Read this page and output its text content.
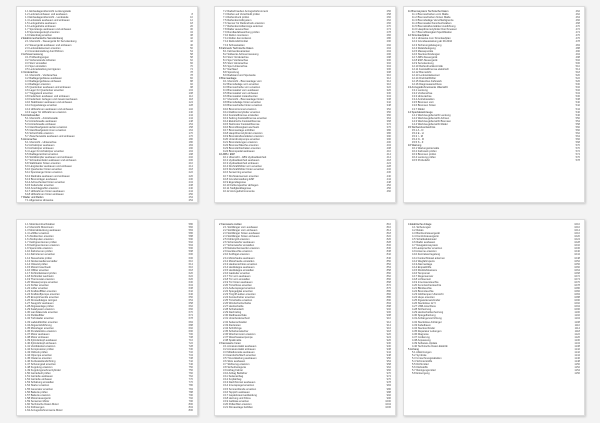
1.1 Einbaulagenübersicht Lenkungsteile
1.2 Lenkrad einbauen und ausbauen	8
1.3 Einbaulagenübersicht - Lenksäule	10
1.4 Lenksäule ausbauen und einbauen	12
1.5 Lenkgetriebe ausbauen	18
1.6 Lenkgetriebe einbauen	26
1.7 Spurstange ausbauen und einbauen	30
1.8 Spurstangenkopf ersetzen	34
1.9 Faltenbalg ersetzen	38
2 Elektromechanische Servolenkung	42
2.1 Übersicht - Steuergerät für Servolenkung	42
2.2 Steuergerät ausbauen und einbauen	46
2.3 Lenkwinkelsensor ersetzen	50
2.4 Grundeinstellung durchführen	54
3 Achsvermessung	58
3.1 Prüfbedingungen	58
3.2 Vorbereitende Arbeiten	62
3.3 Sturz einstellen	66
3.4 Spur einstellen	70
3.5 Lenkradstellung korrigieren	74
4 Vorderachse	78
4.1 Übersicht - Vorderachse	78
4.2 Radlagergehäuse ausbauen	82
4.3 Radlagergehäuse einbauen	88
4.4 Radlager ersetzen	92
4.5 Querlenker ausbauen und einbauen	98
4.6 Lager für Querlenker ersetzen	104
4.7 Traggelenk ersetzen	108
4.8 Federbein ausbauen und einbauen	112
4.9 Federbein zerlegen und zusammenbauen	118
4.10 Stabilisator ausbauen und einbauen	124
4.11 Koppelstange ersetzen	128
4.12 Hilfsrahmen ausbauen und einbauen	132
4.13 Lager für Hilfsrahmen ersetzen	140
5 Antriebswellen	144
5.1 Übersicht - Antriebswelle	144
5.2 Antriebswelle ausbauen	148
5.3 Antriebswelle einbauen	154
5.4 Gleichlaufgelenk außen ersetzen	158
5.5 Gleichlaufgelenk innen ersetzen	164
5.6 Schutzhülle ersetzen	170
5.7 Zwischenwelle ausbauen und einbauen	176
6 Hinterachse	180
6.1 Übersicht - Hinterachse	180
6.2 Achskörper ausbauen	184
6.3 Achskörper einbauen	190
6.4 Lager für Achskörper ersetzen	194
6.5 Radlagereinheit ersetzen	198
6.6 Stoßdämpfer ausbauen und einbauen	202
6.7 Schraubenfeder ausbauen und einbauen	206
6.8 Stabilisator hinten ersetzen	210
6.9 Längslenker ausbauen und einbauen	214
6.10 Querlenker hinten ersetzen	218
6.11 Spurstange hinten ersetzen	222
6.12 Radnabe ausbauen und einbauen	226
6.13 Bremsträger ausbauen	230
6.14 Achsschenkel hinten ersetzen	234
6.15 Federteller ersetzen	238
6.16 Anschlagpuffer ersetzen	240
6.17 Hilfsrahmen hinten ausbauen	244
6.18 Hilfsrahmen hinten einbauen	250
7 Räder und Reifen	254
7.1 Allgemeine Hinweise	254
7.2 Radschrauben Anzugsdrehmoment	256
7.3 Reifen auf Verschleiß prüfen	258
7.4 Reifendruck prüfen	260
7.5 Reifenkontrollsystem	262
7.6 Sensor für Reifendruck ersetzen	266
7.7 Reifenkontrollanzeige anlernen	270
7.8 Räder auswuchten	274
7.9 Rundlaufabweichung prüfen	278
7.10 Reifen montieren	282
7.11 Reifen demontieren	286
7.12 Reifendichtmittel	290
7.13 Schneeketten	292
8 Fahrwerk Technische Daten	294
8.1 Fahrwerksvarianten	294
8.2 Sollwerte Achsvermessung	296
8.3 Sturz Vorderachse	298
8.4 Spur Vorderachse	300
8.5 Sturz Hinterachse	302
8.6 Spur Hinterachse	304
8.7 Nachlauf	306
8.8 Spreizung	308
8.9 Radstand und Spurweite	310
9 Bremsanlage	312
9.1 Übersicht - Bremsanlage vorn	312
9.2 Bremsbeläge vorn ersetzen	316
9.3 Bremsscheibe vorn ersetzen	322
9.4 Bremssattel vorn ausbauen	326
9.5 Bremssattel vorn einbauen	330
9.6 Bremssattel instandsetzen	334
9.7 Übersicht - Bremsanlage hinten	338
9.8 Bremsbeläge hinten ersetzen	342
9.9 Bremsscheibe hinten ersetzen	348
9.10 Bremstrommel ersetzen	352
9.11 Radbremszylinder ersetzen	356
9.12 Feststellbremse einstellen	360
9.13 Seilzug Feststellbremse ersetzen	364
9.14 Elektrische Feststellbremse	368
9.15 Stellmotor Feststellbremse	372
9.16 Bremsflüssigkeit wechseln	376
9.17 Bremsanlage entlüften	380
9.18 Hauptbremszylinder ersetzen	386
9.19 Bremskraftverstärker ersetzen	390
9.20 Unterdruckpumpe ersetzen	396
9.21 Bremsleitungen ersetzen	400
9.22 Bremsschläuche ersetzen	404
9.23 Bremslichtschalter ersetzen	408
9.24 Bremspedal ausbauen	410
10 ABS / ESP	414
10.1 Übersicht - ABS Hydraulikeinheit	414
10.2 Hydraulikeinheit ausbauen	418
10.3 Hydraulikeinheit einbauen	424
10.4 Drehzahlfühler vorn ersetzen	428
10.5 Drehzahlfühler hinten ersetzen	432
10.6 Sensorring ersetzen	436
10.7 Drehratensensor ersetzen	440
10.8 Grundeinstellung ESP	444
10.9 Eigendiagnose	448
10.10 Fehlerspeicher abfragen	452
10.11 Stellglieddiagnose	456
10.12 Anzugsdrehmomente	460
11 Bremssystem Technische Daten	462
11.1 Bremsscheiben vorn Maße	462
11.2 Bremsscheiben hinten Maße	464
11.3 Bremsbeläge Verschleißgrenze	466
11.4 Bremssattel Kennbuchstaben	468
11.5 Bremskraftverstärker Ausführung	470
11.6 Hauptbremszylinder Durchmesser	472
11.7 Bremsflüssigkeit Spezifikation	474
12 Stromlaufpläne	476
12.1 Hinweise zum Stromlaufplan	476
12.2 Grundausstattung ab 09.2010	478
12.3 Sicherungsbelegung	484
12.4 Relaisbelegung	488
12.5 Massepunkte	490
12.6 Steckverbindungen	494
12.7 ABS-Steuergerät	498
12.8 ESP-Steuergerät	502
12.9 Servolenkung	506
12.10 Reifendruckkontrolle	510
12.11 Feststellbremse elektrisch	514
12.12 Bremslicht	518
12.13 Lenkwinkelsensor	520
12.14 Drehzahlfühler	522
12.15 Datenbus Fahrwerk	526
12.16 Diagnoseanschluss	530
13 Anzugsdrehmomente Übersicht	532
13.1 Lenkung	532
13.2 Vorderachse	534
13.3 Hinterachse	536
13.4 Antriebswellen	538
13.5 Bremsen vorn	540
13.6 Bremsen hinten	542
13.7 Räder	544
14 Spezialwerkzeuge	546
14.1 Werkzeugübersicht Lenkung	546
14.2 Werkzeugübersicht Achsen	550
14.3 Werkzeugübersicht Bremsen	554
14.4 Werkzeugübersicht Räder	558
15 Stichwortverzeichnis	560
15.1 A - D	560
15.2 E - H	562
15.3 I - M	564
15.4 N - R	566
15.5 S - Z	568
16 Wartung	570
16.1 Wartungsintervalle	570
16.2 Fahrwerk prüfen	572
16.3 Bremsen prüfen	574
16.4 Lenkung prüfen	576
16.5 Probefahrt	578
1.1 Motorkennbuchstaben	580
1.2 Übersicht Motorraum	582
1.3 Motorabdeckung ausbauen	584
1.4 Luftfilter ersetzen	586
1.5 Zündkerzen ersetzen	588
1.6 Zündspulen ersetzen	590
1.7 Keilrippenriemen prüfen	592
1.8 Keilrippenriemen ersetzen	594
1.9 Spannrolle ersetzen	596
1.10 Zahnriemen prüfen	598
1.11 Zahnriemen ersetzen	600
1.12 Steuerkette prüfen	606
1.13 Nockenwellenversteller	610
1.14 Ölstand prüfen	614
1.15 Motoröl wechseln	616
1.16 Ölfilter ersetzen	618
1.17 Kühlmittelstand prüfen	620
1.18 Kühlmittel wechseln	622
1.19 Thermostat ersetzen	626
1.20 Wasserpumpe ersetzen	630
1.21 Kühler ersetzen	634
1.22 Lüfter ersetzen	638
1.23 Kraftstofffilter ersetzen	642
1.24 Kraftstoffpumpe ersetzen	646
1.25 Einspritzventile ersetzen	650
1.26 Drosselklappe reinigen	654
1.27 Saugrohr ausbauen	658
1.28 Abgasanlage prüfen	662
1.29 Katalysator ersetzen	666
1.30 Lambdasonde ersetzen	670
1.31 Partikelfilter	674
1.32 Turbolader ersetzen	678
1.33 Ladeluftkühler ersetzen	684
1.34 Abgasrückführung	688
1.35 Motorlager ersetzen	692
1.36 Pendelstütze ersetzen	696
1.37 Motor ausbauen	700
1.38 Motor einbauen	708
1.39 Zylinderkopf ausbauen	716
1.40 Zylinderkopf einbauen	722
1.41 Ventildeckel ersetzen	728
1.42 Kompression prüfen	730
1.43 Öldruck prüfen	732
1.44 Ölpumpe ersetzen	734
1.45 Ölwanne ersetzen	738
1.46 Kurbelwellendichtring	742
1.47 Schwungrad ersetzen	746
1.48 Kupplung ersetzen	750
1.49 Kupplungsnehmerzylinder	756
1.50 Getriebeöl prüfen	760
1.51 Getriebe ausbauen	762
1.52 Getriebe einbauen	770
1.53 Schaltung einstellen	776
1.54 Starter ersetzen	780
1.55 Generator ersetzen	784
1.56 Batterie prüfen	788
1.57 Batterie ersetzen	790
1.58 Motorsteuergerät	792
1.59 Sensoren Motor	796
1.60 Technische Daten Motor	800
1.61 Füllmengen	804
1.62 Anzugsdrehmomente Motor	806
2 Karosserie Außen	810
2.1 Stoßfänger vorn ausbauen	810
2.2 Stoßfänger vorn einbauen	814
2.3 Stoßfänger hinten ausbauen	818
2.4 Stoßfänger hinten einbauen	822
2.5 Kühlergrill ersetzen	826
2.6 Scheinwerfer ausbauen	828
2.7 Scheinwerfer einstellen	832
2.8 Nebelscheinwerfer ersetzen	836
2.9 Heckleuchte ersetzen	838
2.10 Kotflügel ersetzen	842
2.11 Motorhaube ausbauen	846
2.12 Motorhaube einstellen	850
2.13 Haubenschloss ersetzen	852
2.14 Heckklappe ausbauen	854
2.15 Heckklappe einstellen	858
2.16 Gasfeder ersetzen	860
2.17 Tür vorn ausbauen	862
2.18 Tür vorn einstellen	866
2.19 Tür hinten ausbauen	868
2.20 Türschloss ersetzen	872
2.21 Außenspiegel ersetzen	876
2.22 Spiegelglas ersetzen	880
2.23 Türgriff außen ersetzen	882
2.24 Fensterheber ersetzen	886
2.25 Türscheibe ersetzen	890
2.26 Windschutzscheibe	894
2.27 Heckscheibe	898
2.28 Schiebedach	902
2.29 Dachreling	906
2.30 Radhausschale	908
2.31 Unterbodenschutz	910
2.32 Seitenschweller	912
2.33 Zierleisten	914
2.34 Schriftzüge	916
2.35 Scheibenwischer	918
2.36 Wischermotor ersetzen	920
2.37 Waschwasserpumpe	924
2.38 Spaltmaße	926
3 Karosserie Innen	930
3.1 Armaturentafel ausbauen	930
3.2 Armaturentafel einbauen	938
3.3 Mittelkonsole ausbauen	944
3.4 Handschuhfach ersetzen	948
3.5 Türverkleidung ausbauen	950
3.6 Sitze ausbauen	954
3.7 Sitzbezug ersetzen	958
3.8 Sicherheitsgurte	962
3.9 Airbag Fahrer	966
3.10 Airbag Beifahrer	970
3.11 Seitenairbag	974
3.12 Kopfairbag	976
3.13 Dachhimmel ausbauen	978
3.14 Innenspiegel ersetzen	984
3.15 Sonnenblende ersetzen	986
3.16 Teppich ausbauen	988
3.17 Gepäckraumverkleidung	992
3.18 Heizung und Klima	996
3.19 Gebläse ersetzen	1000
3.20 Pollenfilter ersetzen	1004
3.21 Klimaanlage befüllen	1006
4 Elektrische Anlage	1010
4.1 Sicherungen	1010
4.2 Relais	1014
4.3 Bordnetzsteuergerät	1016
4.4 Komfortsteuergerät	1020
4.5 Schalttafeleinsatz	1024
4.6 Radio ausbauen	1028
4.7 Navigationssystem	1032
4.8 Lautsprecher ersetzen	1036
4.9 Antenne ersetzen	1040
4.10 Zentralverriegelung	1044
4.11 Funkschlüssel anlernen	1048
4.12 Wegfahrsperre	1052
4.13 Alarmanlage	1056
4.14 Einparkhilfe	1060
4.15 Rückfahrkamera	1064
4.16 Tempomat	1068
4.17 Regensensor	1072
4.18 Lichtsensor	1074
4.19 Innenraumleuchte	1076
4.20 Kennzeichenleuchte	1078
4.21 Blinkleuchte	1080
4.22 Bremsleuchte	1082
4.23 Glühlampen Übersicht	1084
4.24 Hupe ersetzen	1088
4.25 Zigarettenanzünder	1090
4.26 Steckdose 12 V	1092
4.27 USB-Anschluss	1094
4.28 Sitzheizung	1096
4.29 Heckscheibenheizung	1100
4.30 Spiegelheizung	1102
4.31 Anhängervorrichtung	1104
4.32 Steckdose Anhänger	1108
4.33 Kabelbaum	1110
4.34 Steckverbinder	1114
4.35 Reparatur Leitungen	1118
4.36 Diagnose	1122
4.37 Codierung	1126
4.38 Anpassung	1130
4.39 Software-Update	1134
4.40 Technische Daten Elektrik	1138
5 Anhang	1142
5.1 Abkürzungen	1142
5.2 Symbole	1144
5.3 Umrechnungstabellen	1146
5.4 Schmierstoffe	1148
5.5 Dichtmittel	1150
5.6 Klebstoffe	1152
5.7 Reinigungsmittel	1154
5.8 Entsorgung	1156
